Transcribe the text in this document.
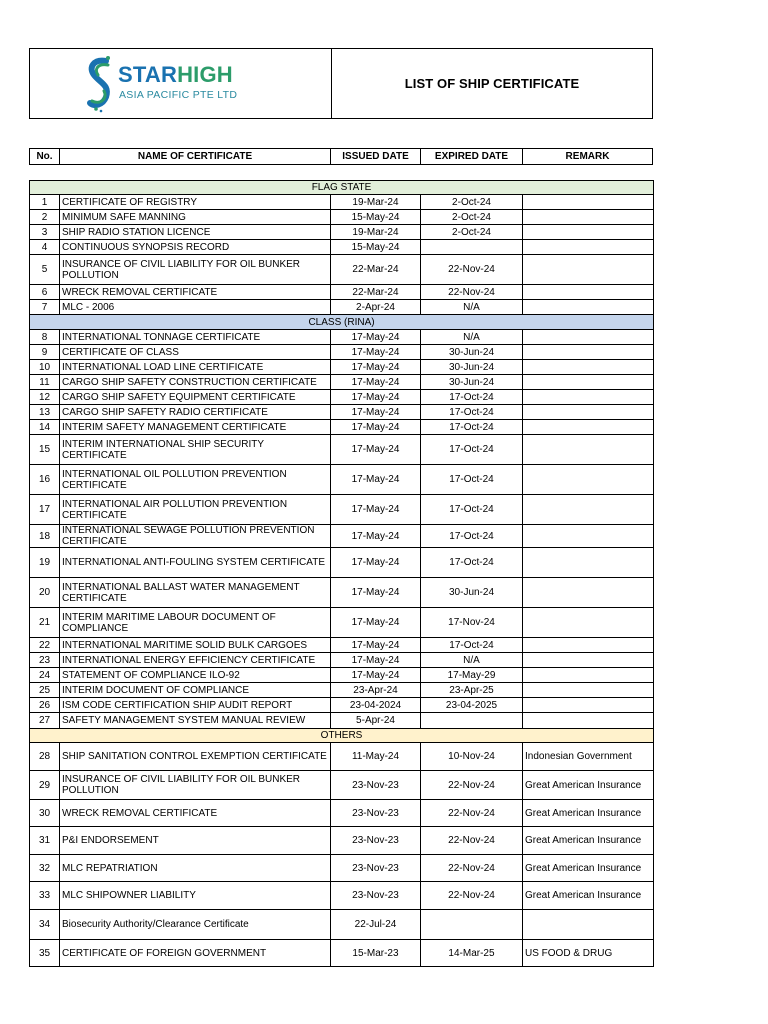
STARHIGH
ASIA PACIFIC PTE LTD
LIST OF SHIP CERTIFICATE
No.	NAME OF CERTIFICATE	ISSUED DATE	EXPIRED DATE	REMARK
FLAG STATE				
1	CERTIFICATE OF REGISTRY	19-Mar-24	2-Oct-24	
2	MINIMUM SAFE MANNING	15-May-24	2-Oct-24	
3	SHIP RADIO STATION LICENCE	19-Mar-24	2-Oct-24	
4	CONTINUOUS SYNOPSIS RECORD	15-May-24		
5	INSURANCE OF CIVIL LIABILITY FOR OIL BUNKER POLLUTION	22-Mar-24	22-Nov-24	
6	WRECK REMOVAL CERTIFICATE	22-Mar-24	22-Nov-24	
7	MLC - 2006	2-Apr-24	N/A	
CLASS (RINA)				
8	INTERNATIONAL TONNAGE CERTIFICATE	17-May-24	N/A	
9	CERTIFICATE OF CLASS	17-May-24	30-Jun-24	
10	INTERNATIONAL LOAD LINE CERTIFICATE	17-May-24	30-Jun-24	
11	CARGO SHIP SAFETY CONSTRUCTION CERTIFICATE	17-May-24	30-Jun-24	
12	CARGO SHIP SAFETY EQUIPMENT CERTIFICATE	17-May-24	17-Oct-24	
13	CARGO SHIP SAFETY RADIO CERTIFICATE	17-May-24	17-Oct-24	
14	INTERIM SAFETY MANAGEMENT CERTIFICATE	17-May-24	17-Oct-24	
15	INTERIM INTERNATIONAL SHIP SECURITY CERTIFICATE	17-May-24	17-Oct-24	
16	INTERNATIONAL OIL POLLUTION PREVENTION CERTIFICATE	17-May-24	17-Oct-24	
17	INTERNATIONAL AIR POLLUTION PREVENTION CERTIFICATE	17-May-24	17-Oct-24	
18	INTERNATIONAL SEWAGE POLLUTION PREVENTION CERTIFICATE	17-May-24	17-Oct-24	
19	INTERNATIONAL ANTI-FOULING SYSTEM CERTIFICATE	17-May-24	17-Oct-24	
20	INTERNATIONAL BALLAST WATER MANAGEMENT CERTIFICATE	17-May-24	30-Jun-24	
21	INTERIM MARITIME LABOUR DOCUMENT OF COMPLIANCE	17-May-24	17-Nov-24	
22	INTERNATIONAL MARITIME SOLID BULK CARGOES	17-May-24	17-Oct-24	
23	INTERNATIONAL ENERGY EFFICIENCY CERTIFICATE	17-May-24	N/A	
24	STATEMENT OF COMPLIANCE ILO-92	17-May-24	17-May-29	
25	INTERIM DOCUMENT OF COMPLIANCE	23-Apr-24	23-Apr-25	
26	ISM CODE CERTIFICATION SHIP AUDIT REPORT	23-04-2024	23-04-2025	
27	SAFETY MANAGEMENT SYSTEM MANUAL REVIEW	5-Apr-24		
OTHERS				
28	SHIP SANITATION CONTROL EXEMPTION CERTIFICATE	11-May-24	10-Nov-24	Indonesian Government
29	INSURANCE OF CIVIL LIABILITY FOR OIL BUNKER POLLUTION	23-Nov-23	22-Nov-24	Great American Insurance
30	WRECK REMOVAL CERTIFICATE	23-Nov-23	22-Nov-24	Great American Insurance
31	P&I ENDORSEMENT	23-Nov-23	22-Nov-24	Great American Insurance
32	MLC REPATRIATION	23-Nov-23	22-Nov-24	Great American Insurance
33	MLC SHIPOWNER LIABILITY	23-Nov-23	22-Nov-24	Great American Insurance
34	Biosecurity Authority/Clearance Certificate	22-Jul-24		
35	CERTIFICATE OF FOREIGN GOVERNMENT	15-Mar-23	14-Mar-25	US FOOD & DRUG
